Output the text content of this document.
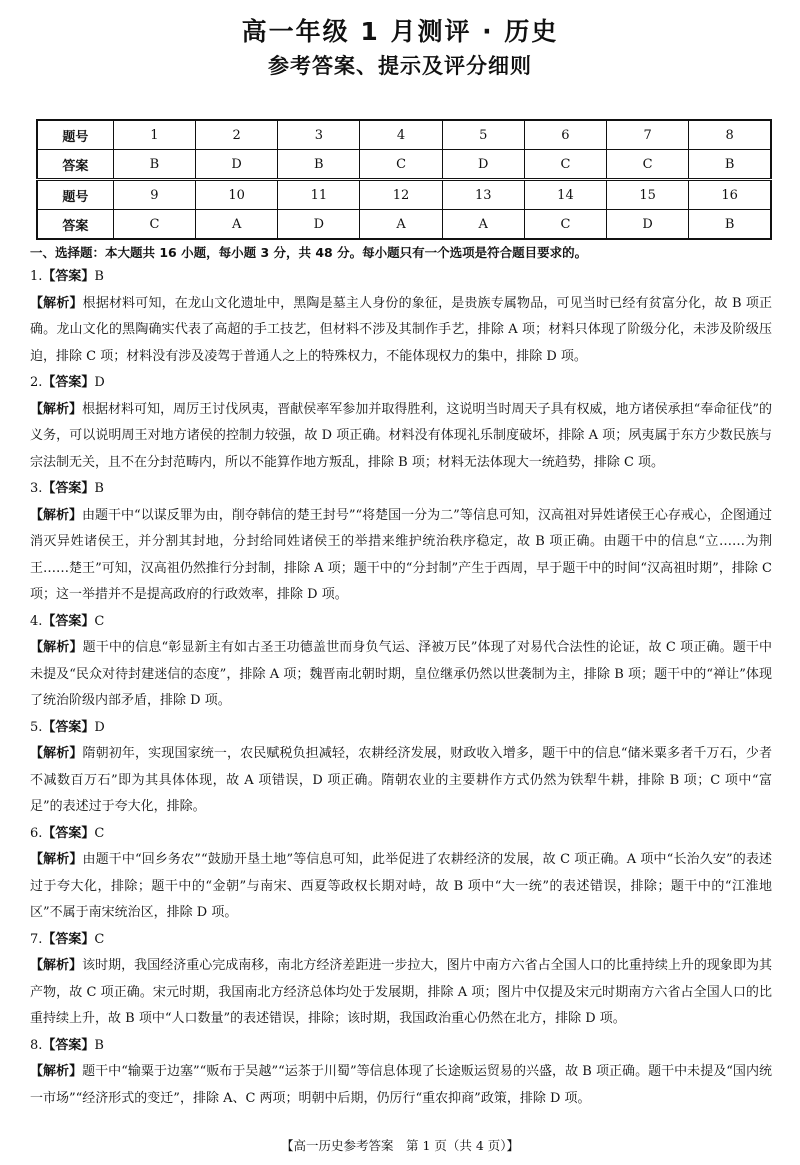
高一年级 1 月测评 · 历史
参考答案、提示及评分细则
题号	1	2	3	4	5	6	7	8
答案	B	D	B	C	D	C	C	B
题号	9	10	11	12	13	14	15	16
答案	C	A	D	A	A	C	D	B
一、选择题：本大题共 16 小题，每小题 3 分，共 48 分。每小题只有一个选项是符合题目要求的。
1.【答案】B
【解析】根据材料可知，在龙山文化遗址中，黑陶是墓主人身份的象征，是贵族专属物品，可见当时已经有贫富分化，故 B 项正确。龙山文化的黑陶确实代表了高超的手工技艺，但材料不涉及其制作手艺，排除 A 项；材料只体现了阶级分化，未涉及阶级压迫，排除 C 项；材料没有涉及凌驾于普通人之上的特殊权力，不能体现权力的集中，排除 D 项。
2.【答案】D
【解析】根据材料可知，周厉王讨伐夙夷，晋献侯率军参加并取得胜利，这说明当时周天子具有权威，地方诸侯承担“奉命征伐”的义务，可以说明周王对地方诸侯的控制力较强，故 D 项正确。材料没有体现礼乐制度破坏，排除 A 项；夙夷属于东方少数民族与宗法制无关，且不在分封范畴内，所以不能算作地方叛乱，排除 B 项；材料无法体现大一统趋势，排除 C 项。
3.【答案】B
【解析】由题干中“以谋反罪为由，削夺韩信的楚王封号”“将楚国一分为二”等信息可知，汉高祖对异姓诸侯王心存戒心，企图通过消灭异姓诸侯王，并分割其封地，分封给同姓诸侯王的举措来维护统治秩序稳定，故 B 项正确。由题干中的信息“立……为荆王……楚王”可知，汉高祖仍然推行分封制，排除 A 项；题干中的“分封制”产生于西周，早于题干中的时间“汉高祖时期”，排除 C 项；这一举措并不是提高政府的行政效率，排除 D 项。
4.【答案】C
【解析】题干中的信息“彰显新主有如古圣王功德盖世而身负气运、泽被万民”体现了对易代合法性的论证，故 C 项正确。题干中未提及“民众对待封建迷信的态度”，排除 A 项；魏晋南北朝时期，皇位继承仍然以世袭制为主，排除 B 项；题干中的“禅让”体现了统治阶级内部矛盾，排除 D 项。
5.【答案】D
【解析】隋朝初年，实现国家统一，农民赋税负担减轻，农耕经济发展，财政收入增多，题干中的信息“储米粟多者千万石，少者不减数百万石”即为其具体体现，故 A 项错误，D 项正确。隋朝农业的主要耕作方式仍然为铁犁牛耕，排除 B 项；C 项中“富足”的表述过于夸大化，排除。
6.【答案】C
【解析】由题干中“回乡务农”“鼓励开垦土地”等信息可知，此举促进了农耕经济的发展，故 C 项正确。A 项中“长治久安”的表述过于夸大化，排除；题干中的“金朝”与南宋、西夏等政权长期对峙，故 B 项中“大一统”的表述错误，排除；题干中的“江淮地区”不属于南宋统治区，排除 D 项。
7.【答案】C
【解析】该时期，我国经济重心完成南移，南北方经济差距进一步拉大，图片中南方六省占全国人口的比重持续上升的现象即为其产物，故 C 项正确。宋元时期，我国南北方经济总体均处于发展期，排除 A 项；图片中仅提及宋元时期南方六省占全国人口的比重持续上升，故 B 项中“人口数量”的表述错误，排除；该时期，我国政治重心仍然在北方，排除 D 项。
8.【答案】B
【解析】题干中“输粟于边塞”“贩布于吴越”“运茶于川蜀”等信息体现了长途贩运贸易的兴盛，故 B 项正确。题干中未提及“国内统一市场”“经济形式的变迁”，排除 A、C 两项；明朝中后期，仍厉行“重农抑商”政策，排除 D 项。
【高一历史参考答案　第 1 页（共 4 页）】
